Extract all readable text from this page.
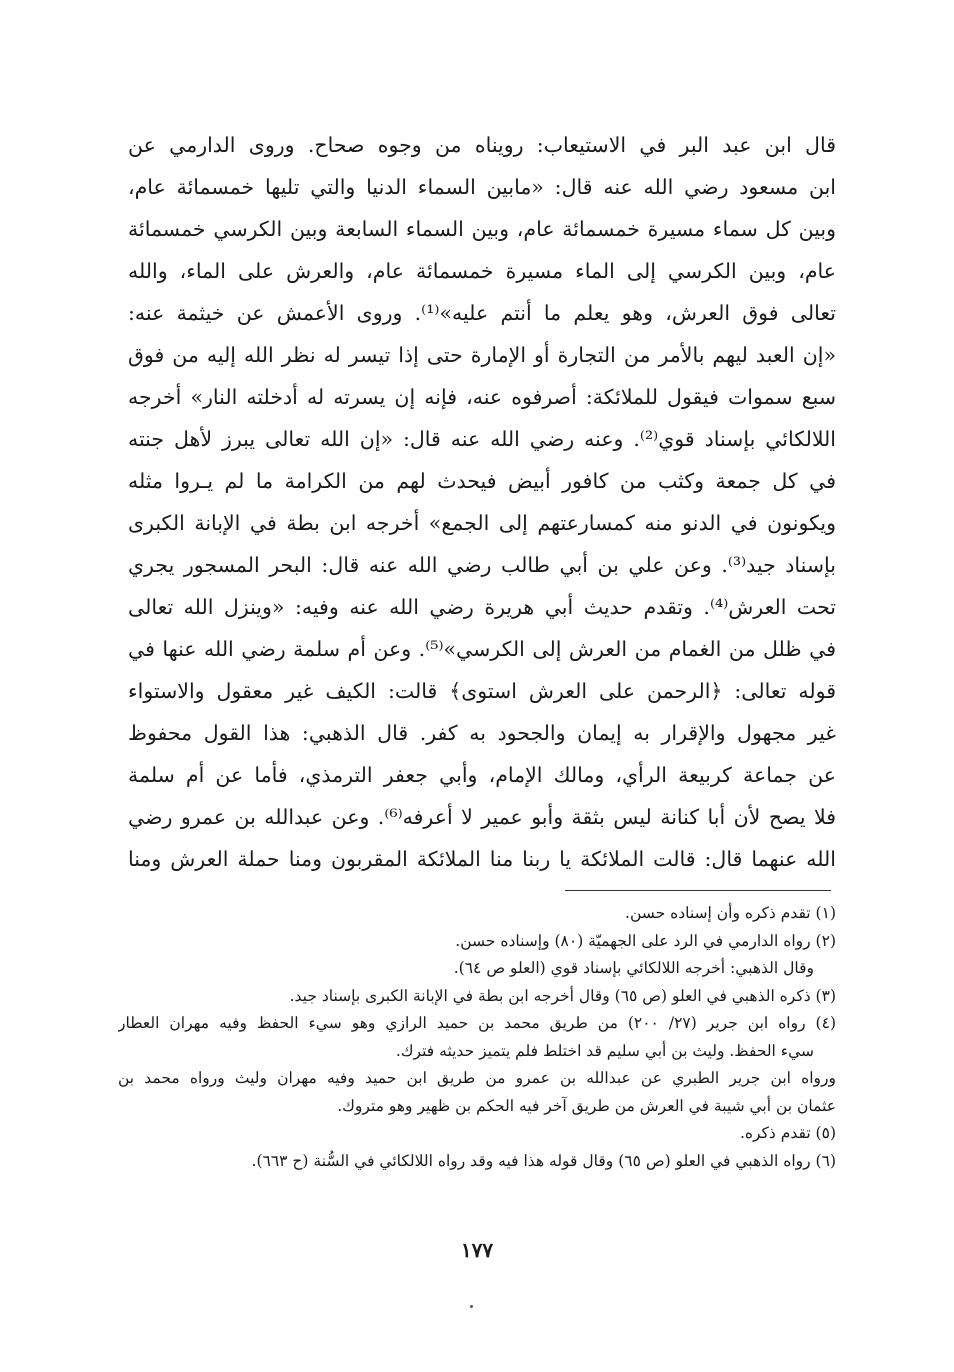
قال ابن عبد البر في الاستيعاب: رويناه من وجوه صحاح. وروى الدارمي عن
ابن مسعود رضي الله عنه قال: «مابين السماء الدنيا والتي تليها خمسمائة عام،
وبين كل سماء مسيرة خمسمائة عام، وبين السماء السابعة وبين الكرسي خمسمائة
عام، وبين الكرسي إلى الماء مسيرة خمسمائة عام، والعرش على الماء، والله
تعالى فوق العرش، وهو يعلم ما أنتم عليه»⁽¹⁾. وروى الأعمش عن خيثمة عنه:
«إن العبد ليهم بالأمر من التجارة أو الإمارة حتى إذا تيسر له نظر الله إليه من فوق
سبع سموات فيقول للملائكة: أصرفوه عنه، فإنه إن يسرته له أدخلته النار» أخرجه
اللالكائي بإسناد قوي⁽²⁾. وعنه رضي الله عنه قال: «إن الله تعالى يبرز لأهل جنته
في كل جمعة وكثب من كافور أبيض فيحدث لهم من الكرامة ما لم يـروا مثله
ويكونون في الدنو منه كمسارعتهم إلى الجمع» أخرجه ابن بطة في الإبانة الكبرى
بإسناد جيد⁽³⁾. وعن علي بن أبي طالب رضي الله عنه قال: البحر المسجور يجري
تحت العرش⁽⁴⁾. وتقدم حديث أبي هريرة رضي الله عنه وفيه: «وينزل الله تعالى
في ظلل من الغمام من العرش إلى الكرسي»⁽⁵⁾. وعن أم سلمة رضي الله عنها في
قوله تعالى: ﴿الرحمن على العرش استوى﴾ قالت: الكيف غير معقول والاستواء
غير مجهول والإقرار به إيمان والجحود به كفر. قال الذهبي: هذا القول محفوظ
عن جماعة كربيعة الرأي، ومالك الإمام، وأبي جعفر الترمذي، فأما عن أم سلمة
فلا يصح لأن أبا كنانة ليس بثقة وأبو عمير لا أعرفه⁽⁶⁾. وعن عبدالله بن عمرو رضي
الله عنهما قال: قالت الملائكة يا ربنا منا الملائكة المقربون ومنا حملة العرش ومنا
(١) تقدم ذكره وأن إسناده حسن.
(٢) رواه الدارمي في الرد على الجهميّة (٨٠) وإسناده حسن.
وقال الذهبي: أخرجه اللالكائي بإسناد قوي (العلو ص ٦٤).
(٣) ذكره الذهبي في العلو (ص ٦٥) وقال أخرجه ابن بطة في الإبانة الكبرى بإسناد جيد.
(٤) رواه ابن جرير (٢٧/ ٢٠٠) من طريق محمد بن حميد الرازي وهو سيء الحفظ وفيه مهران العطار
سيء الحفظ. وليث بن أبي سليم قد اختلط فلم يتميز حديثه فترك.
ورواه ابن جرير الطبري عن عبدالله بن عمرو من طريق ابن حميد وفيه مهران وليث ورواه محمد بن
عثمان بن أبي شيبة في العرش من طريق آخر فيه الحكم بن ظهير وهو متروك.
(٥) تقدم ذكره.
(٦) رواه الذهبي في العلو (ص ٦٥) وقال قوله هذا فيه وقد رواه اللالكائي في السُّنة (ح ٦٦٣).
١٧٧
